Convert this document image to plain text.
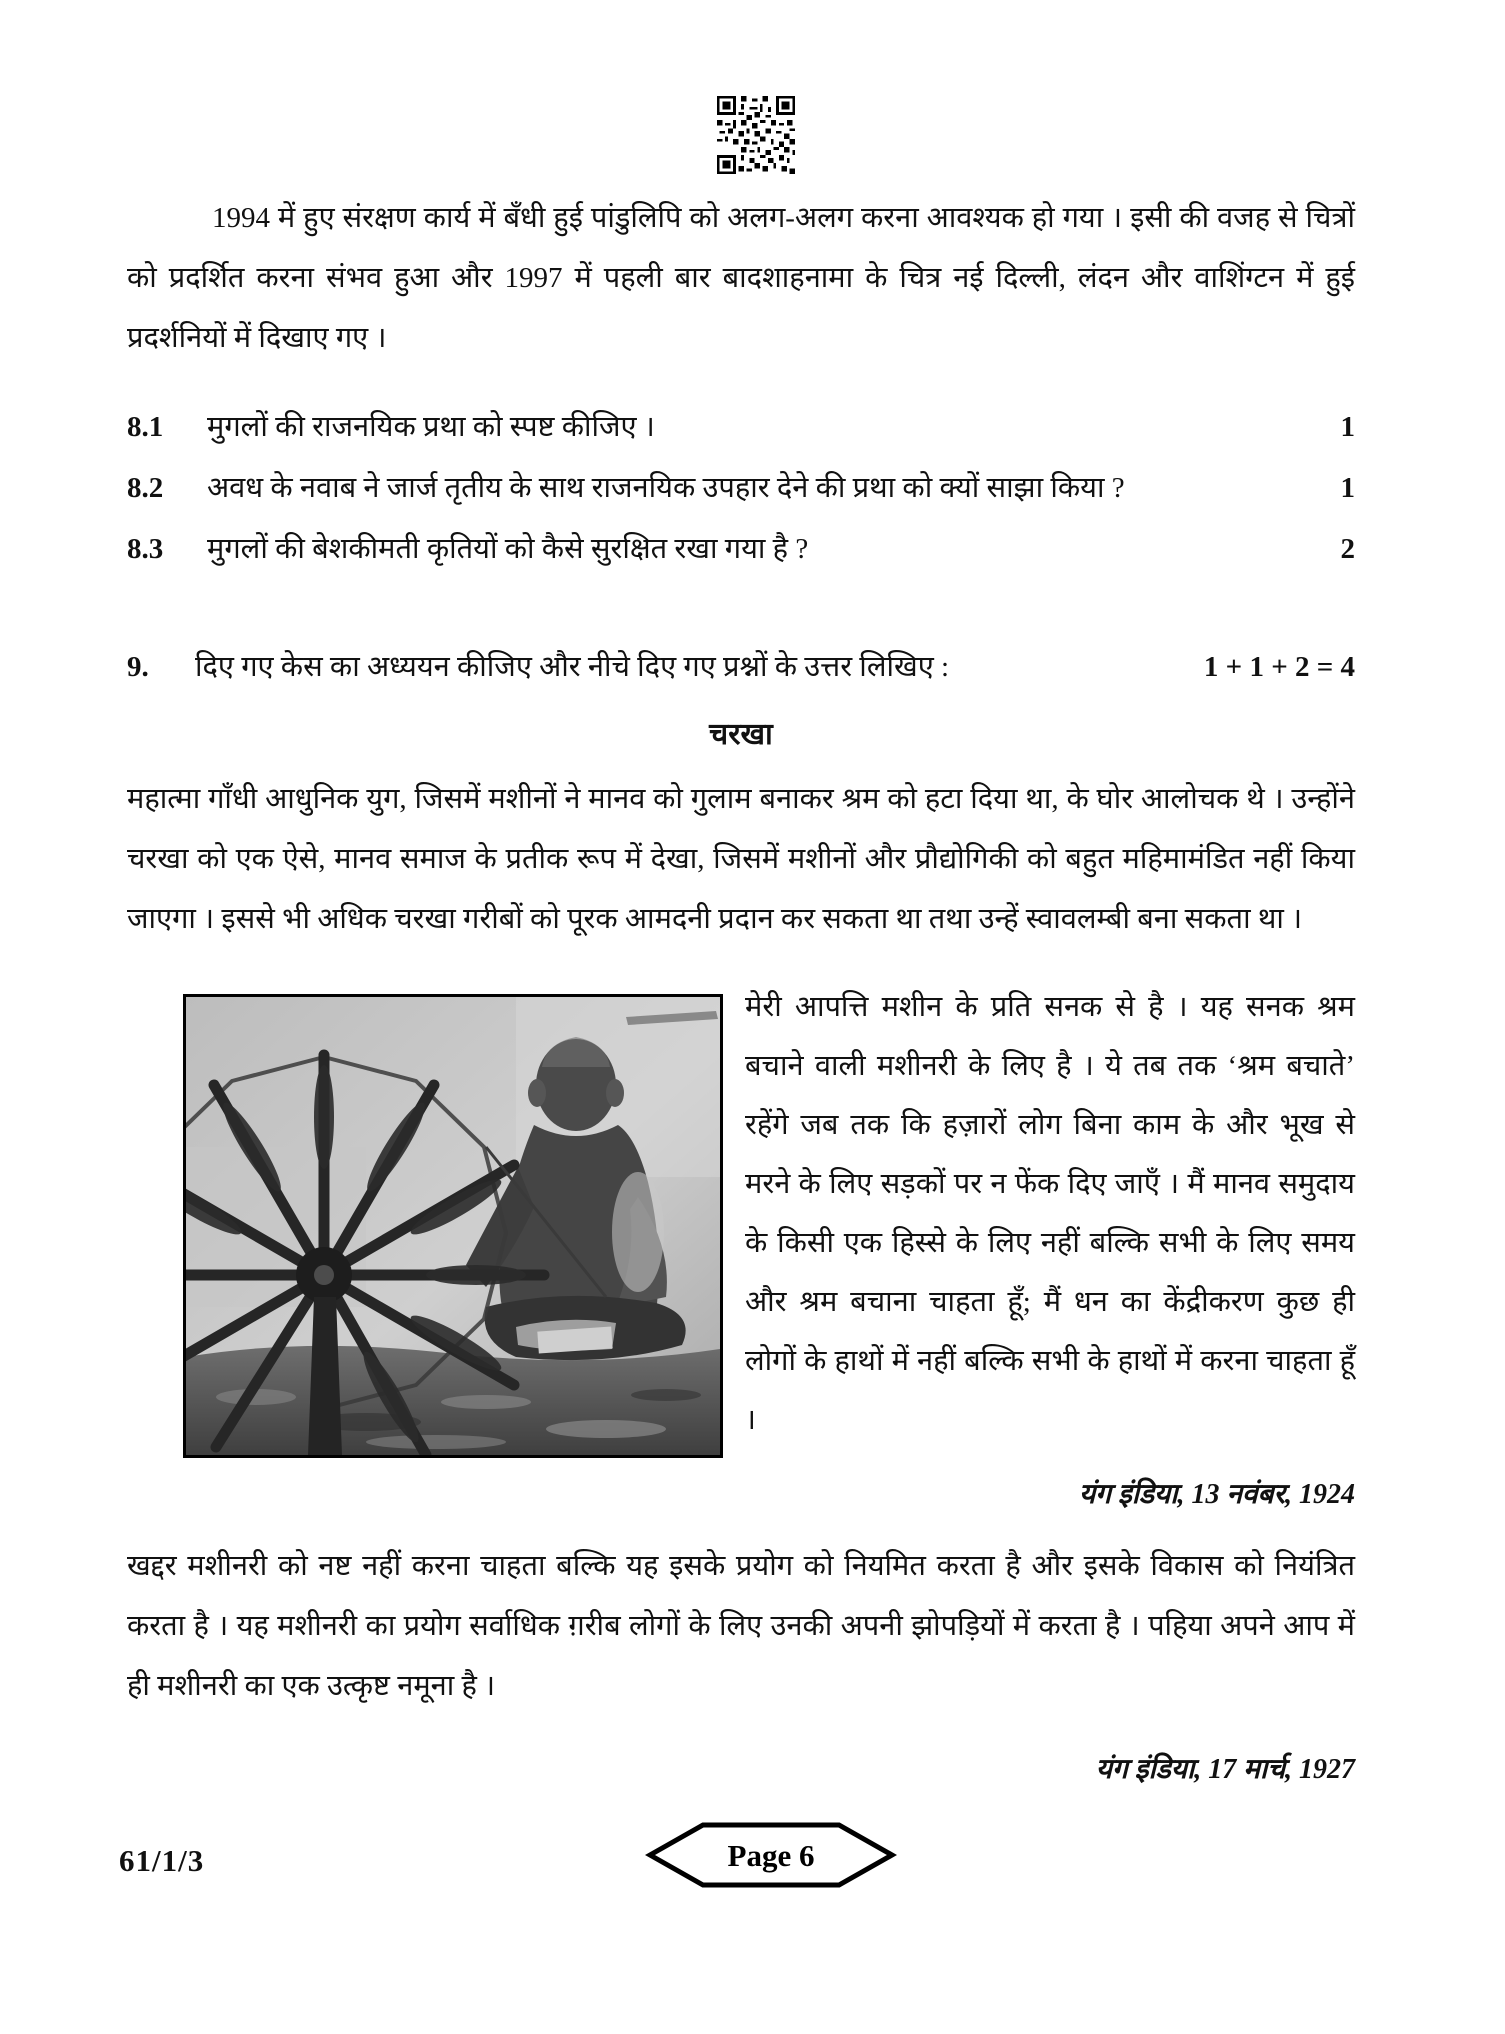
1994 में हुए संरक्षण कार्य में बँधी हुई पांडुलिपि को अलग-अलग करना आवश्यक हो गया । इसी की वजह से चित्रों को प्रदर्शित करना संभव हुआ और 1997 में पहली बार बादशाहनामा के चित्र नई दिल्ली, लंदन और वाशिंग्टन में हुई प्रदर्शनियों में दिखाए गए ।

8.1	मुगलों की राजनयिक प्रथा को स्पष्ट कीजिए ।	1
8.2	अवध के नवाब ने जार्ज तृतीय के साथ राजनयिक उपहार देने की प्रथा को क्यों साझा किया ?	1
8.3	मुगलों की बेशकीमती कृतियों को कैसे सुरक्षित रखा गया है ?	2
9.	दिए गए केस का अध्ययन कीजिए और नीचे दिए गए प्रश्नों के उत्तर लिखिए :	1 + 1 + 2 = 4
चरखा

महात्मा गाँधी आधुनिक युग, जिसमें मशीनों ने मानव को गुलाम बनाकर श्रम को हटा दिया था, के घोर आलोचक थे । उन्होंने चरखा को एक ऐसे, मानव समाज के प्रतीक रूप में देखा, जिसमें मशीनों और प्रौद्योगिकी को बहुत महिमामंडित नहीं किया जाएगा । इससे भी अधिक चरखा गरीबों को पूरक आमदनी प्रदान कर सकता था तथा उन्हें स्वावलम्बी बना सकता था ।

मेरी आपत्ति मशीन के प्रति सनक से है । यह सनक श्रम बचाने वाली मशीनरी के लिए है । ये तब तक ‘श्रम बचाते’ रहेंगे जब तक कि हज़ारों लोग बिना काम के और भूख से मरने के लिए सड़कों पर न फेंक दिए जाएँ । मैं मानव समुदाय के किसी एक हिस्से के लिए नहीं बल्कि सभी के लिए समय और श्रम बचाना चाहता हूँ; मैं धन का केंद्रीकरण कुछ ही लोगों के हाथों में नहीं बल्कि सभी के हाथों में करना चाहता हूँ ।
यंग इंडिया, 13 नवंबर, 1924

खद्दर मशीनरी को नष्ट नहीं करना चाहता बल्कि यह इसके प्रयोग को नियमित करता है और इसके विकास को नियंत्रित करता है । यह मशीनरी का प्रयोग सर्वाधिक ग़रीब लोगों के लिए उनकी अपनी झोपड़ियों में करता है । पहिया अपने आप में ही मशीनरी का एक उत्कृष्ट नमूना है ।

यंग इंडिया, 17 मार्च, 1927
61/1/3	Page 6
